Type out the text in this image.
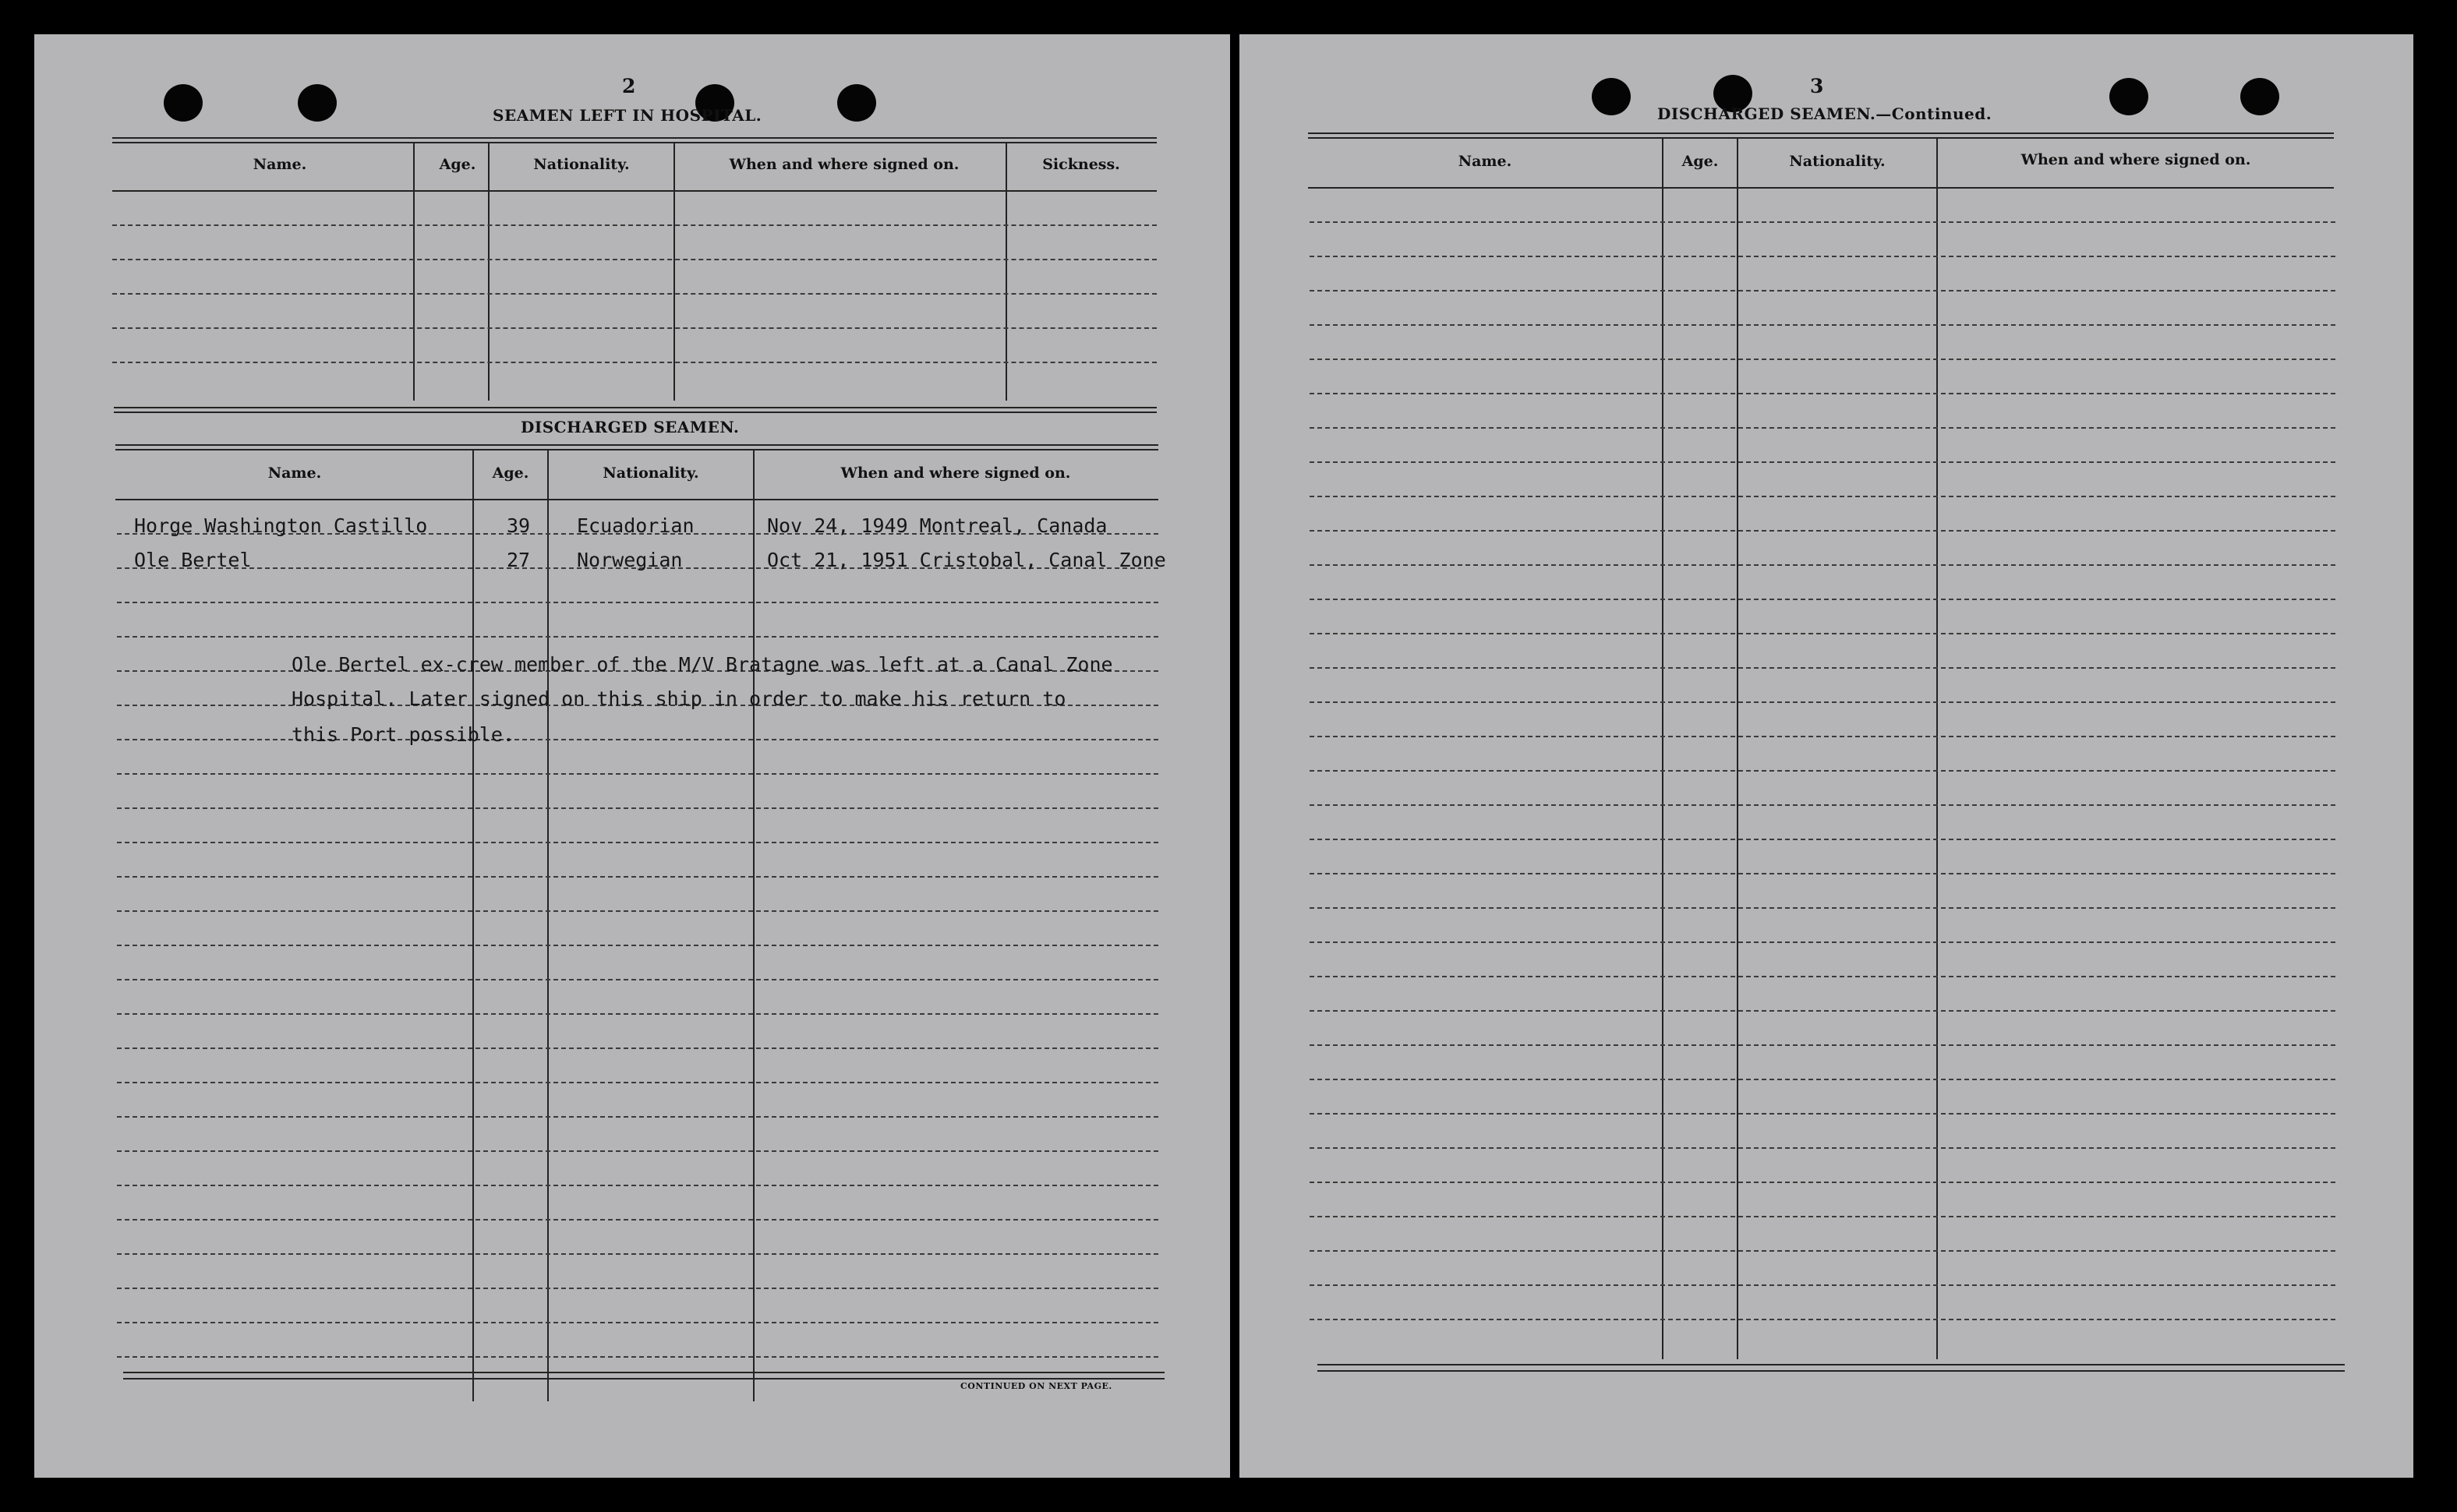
2
SEAMEN LEFT IN HOSPITAL.
Name.	Age.	Nationality.	When and where signed on.	Sickness.
DISCHARGED SEAMEN.
Name.	Age.	Nationality.	When and where signed on.
Horge Washington Castillo	39 Ecuadorian	Nov 24, 1949 Montreal, Canada
Ole Bertel	27 Norwegian	Oct 21, 1951 Cristobal, Canal Zone
Ole Bertel ex-crew member of the M/V Bratagne was left at a Canal Zone
Hospital. Later signed on this ship in order to make his return to
this Port possible.
CONTINUED ON NEXT PAGE.
3
DISCHARGED SEAMEN.—Continued.
Name.	Age.	Nationality.	When and where signed on.
